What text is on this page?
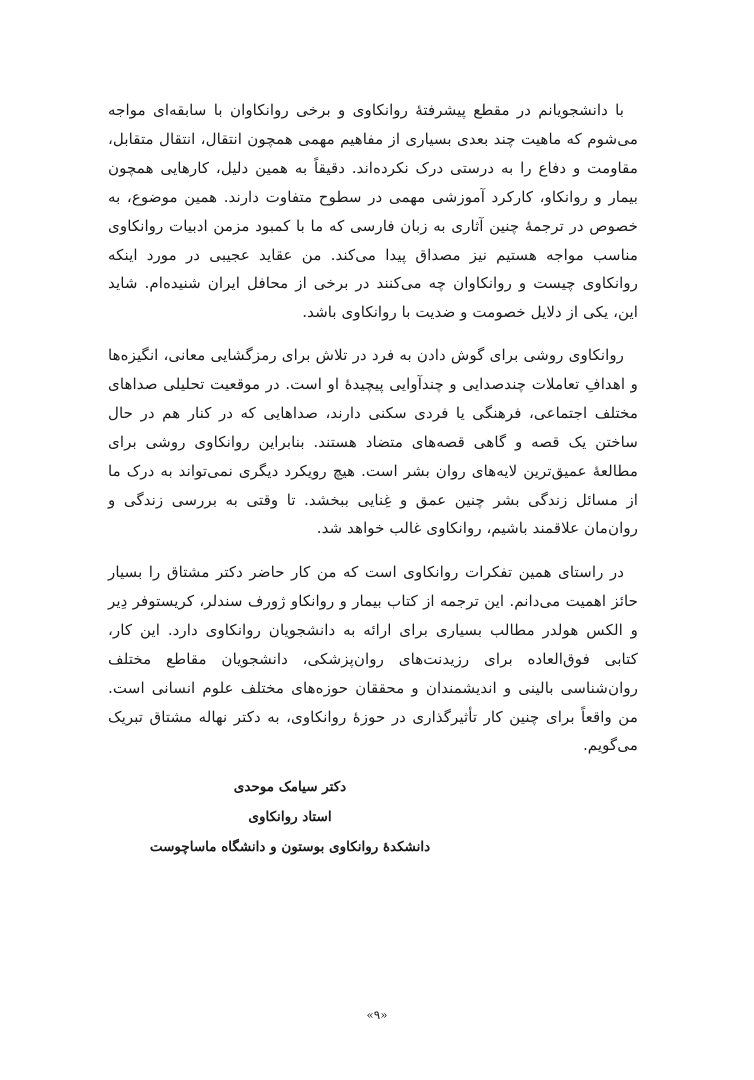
با دانشجویانم در مقطع پیشرفتهٔ روانکاوی و برخی روانکاوان با سابقه‌ای مواجه می‌شوم که ماهیت چند بعدی بسیاری از مفاهیم مهمی همچون انتقال، انتقال متقابل، مقاومت و دفاع را به درستی درک نکرده‌اند. دقیقاً به همین دلیل، کارهایی همچون بیمار و روانکاو، کارکرد آموزشی مهمی در سطوح متفاوت دارند. همین موضوع، به خصوص در ترجمهٔ چنین آثاری به زبان فارسی که ما با کمبود مزمن ادبیات روانکاوی مناسب مواجه هستیم نیز مصداق پیدا می‌کند. من عقاید عجیبی در مورد اینکه روانکاوی چیست و روانکاوان چه می‌کنند در برخی از محافل ایران شنیده‌ام. شاید این، یکی از دلایل خصومت و ضدیت با روانکاوی باشد.

روانکاوی روشی برای گوش دادن به فرد در تلاش برای رمزگشایی معانی، انگیزه‌ها و اهدافِ تعاملات چندصدایی و چندآوایی پیچیدهٔ او است. در موقعیت تحلیلی صداهای مختلف اجتماعی، فرهنگی یا فردی سکنی دارند، صداهایی که در کنار هم در حال ساختن یک قصه و گاهی قصه‌های متضاد هستند. بنابراین روانکاوی روشی برای مطالعهٔ عمیق‌ترین لایه‌های روان بشر است. هیچ رویکرد دیگری نمی‌تواند به درک ما از مسائل زندگی بشر چنین عمق و غِنایی ببخشد. تا وقتی به بررسی زندگی و روان‌مان علاقمند باشیم، روانکاوی غالب خواهد شد.

در راستای همین تفکرات روانکاوی است که من کار حاضر دکتر مشتاق را بسیار حائز اهمیت می‌دانم. این ترجمه از کتاب بیمار و روانکاو ژورف سندلر، کریستوفر دِیر و الکس هولدر مطالب بسیاری برای ارائه به دانشجویان روانکاوی دارد. این کار، کتابی فوق‌العاده برای رزیدنت‌های روان‌پزشکی، دانشجویان مقاطع مختلف روان‌شناسی بالینی و اندیشمندان و محققان حوزه‌های مختلف علوم انسانی است. من واقعاً برای چنین کار تأثیرگذاری در حوزهٔ روانکاوی، به دکتر نهاله مشتاق تبریک می‌گویم.

دکتر سیامک موحدی
استاد روانکاوی
دانشکدهٔ روانکاوی بوستون و دانشگاه ماساچوست
«۹»
